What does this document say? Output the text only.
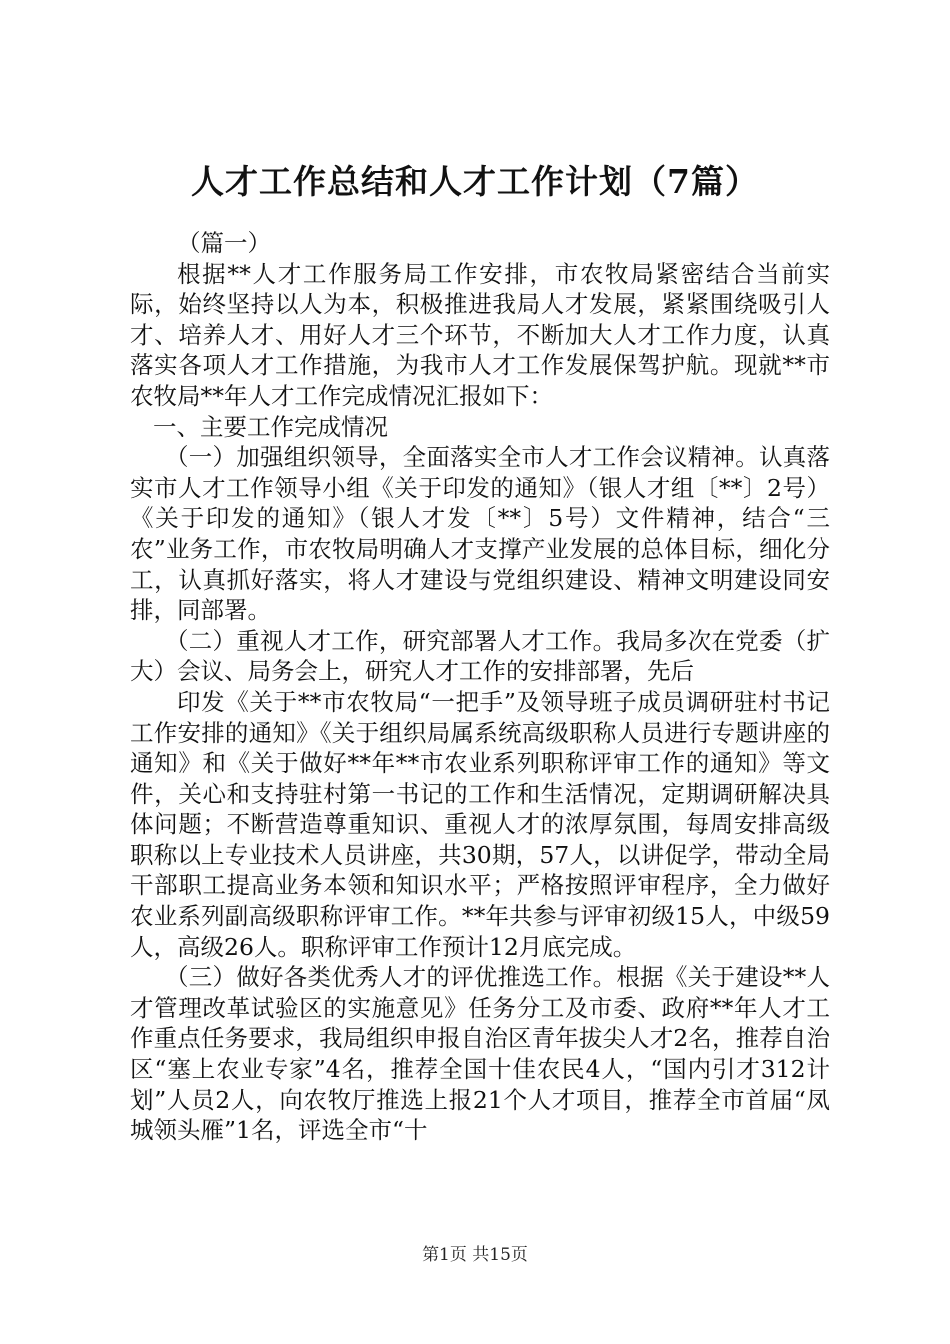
人才工作总结和人才工作计划（7篇）

（篇一）

根据**人才工作服务局工作安排，市农牧局紧密结合当前实际，始终坚持以人为本，积极推进我局人才发展，紧紧围绕吸引人才、培养人才、用好人才三个环节，不断加大人才工作力度，认真落实各项人才工作措施，为我市人才工作发展保驾护航。现就**市农牧局**年人才工作完成情况汇报如下：

一、主要工作完成情况

（一）加强组织领导，全面落实全市人才工作会议精神。认真落实市人才工作领导小组《关于印发的通知》（银人才组〔**〕2号）《关于印发的通知》（银人才发〔**〕5号）文件精神，结合“三农”业务工作，市农牧局明确人才支撑产业发展的总体目标，细化分工，认真抓好落实，将人才建设与党组织建设、精神文明建设同安排，同部署。

（二）重视人才工作，研究部署人才工作。我局多次在党委（扩大）会议、局务会上，研究人才工作的安排部署，先后

印发《关于**市农牧局“一把手”及领导班子成员调研驻村书记工作安排的通知》《关于组织局属系统高级职称人员进行专题讲座的通知》和《关于做好**年**市农业系列职称评审工作的通知》等文件，关心和支持驻村第一书记的工作和生活情况，定期调研解决具体问题；不断营造尊重知识、重视人才的浓厚氛围，每周安排高级职称以上专业技术人员讲座，共30期，57人，以讲促学，带动全局干部职工提高业务本领和知识水平；严格按照评审程序，全力做好农业系列副高级职称评审工作。**年共参与评审初级15人，中级59人，高级26人。职称评审工作预计12月底完成。

（三）做好各类优秀人才的评优推选工作。根据《关于建设**人才管理改革试验区的实施意见》任务分工及市委、政府**年人才工作重点任务要求，我局组织申报自治区青年拔尖人才2名，推荐自治区“塞上农业专家”4名，推荐全国十佳农民4人，“国内引才312计划”人员2人，向农牧厅推选上报21个人才项目，推荐全市首届“凤城领头雁”1名，评选全市“十

第1页 共15页
